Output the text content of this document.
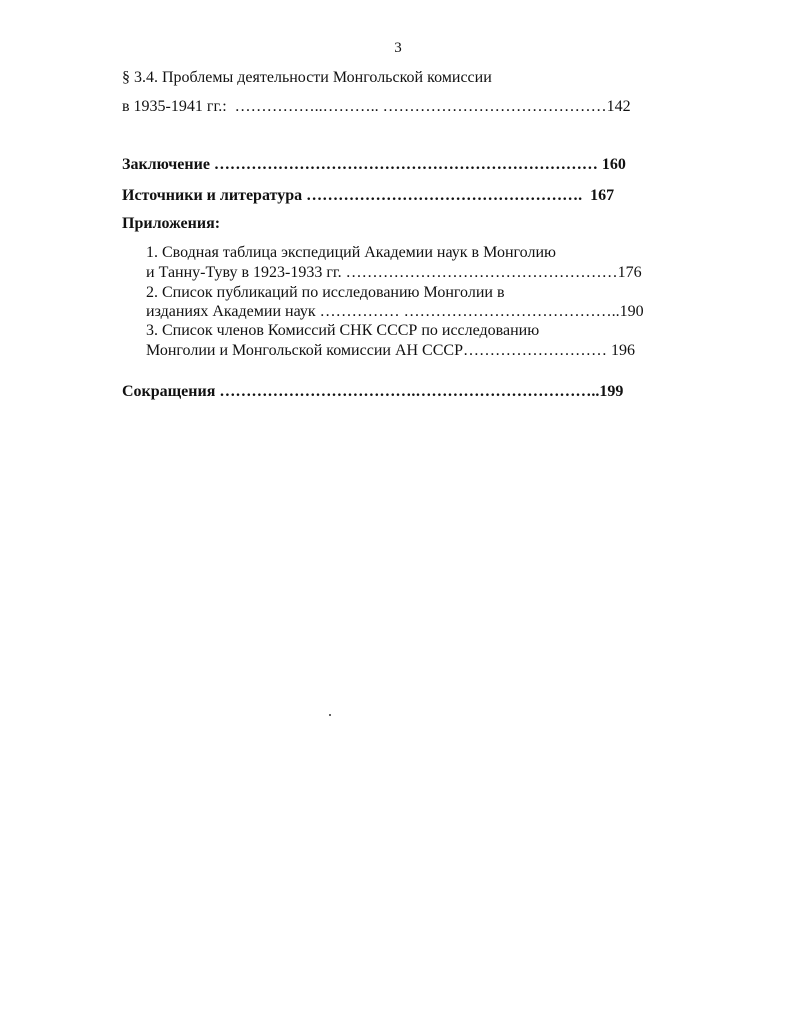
3
§ 3.4. Проблемы деятельности Монгольской комиссии
в 1935-1941 гг.:  ……………..……….. ……………………………………142
Заключение ……………………………………………………………… 160
Источники и литература …………………………………………….  167
Приложения:
1. Сводная таблица экспедиций Академии наук в Монголию
и Танну-Туву в 1923-1933 гг. ……………………………………………176
2. Список публикаций по исследованию Монголии в
изданиях Академии наук …………… …………………………………..190
3. Список членов Комиссий СНК СССР по исследованию
Монголии и Монгольской комиссии АН СССР……………………… 196
Сокращения ……………………………….……………………………..199
